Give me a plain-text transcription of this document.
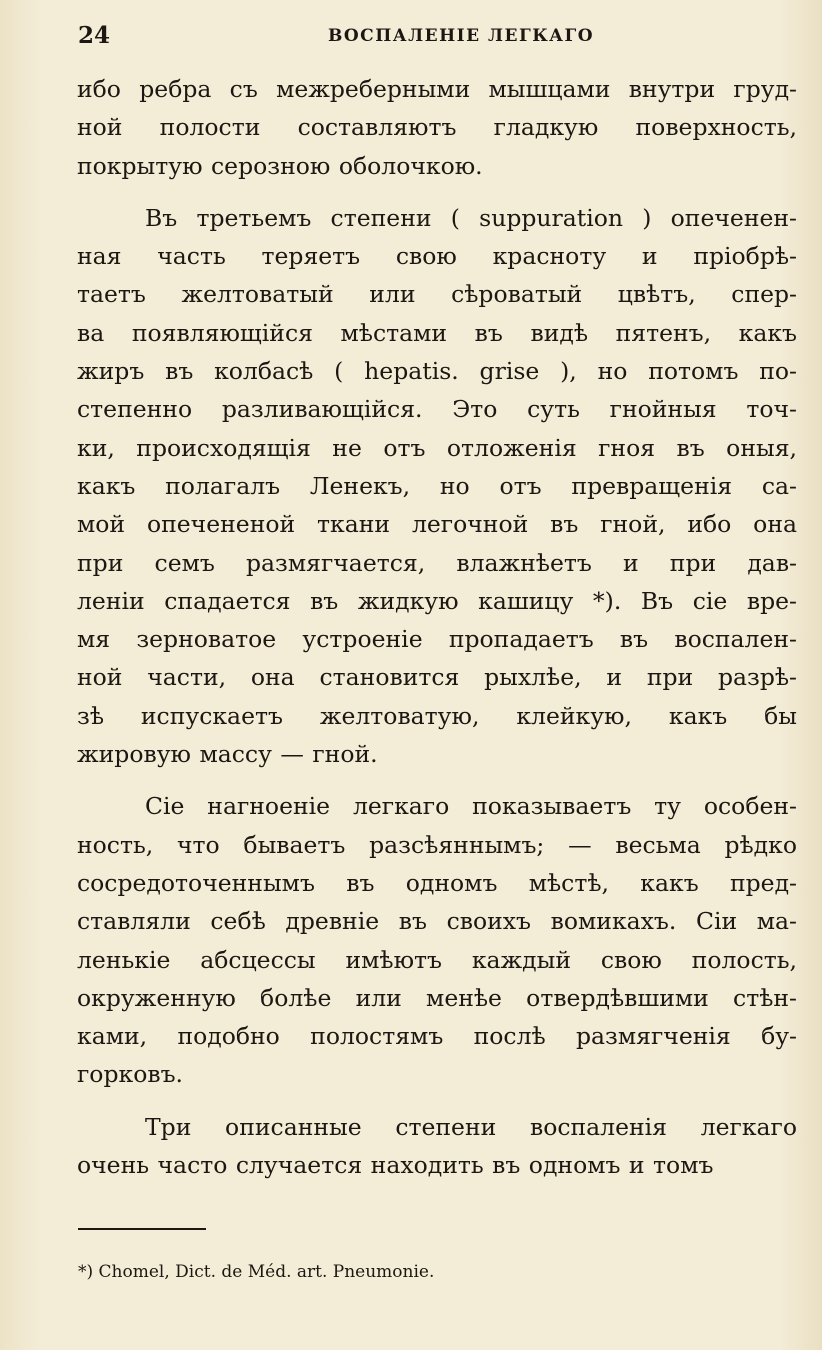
24	ВОСПАЛЕНІЕ ЛЕГКАГО
ибо ребра съ межреберными мышцами внутри груд-
ной полости составляютъ гладкую поверхность,
покрытую серозною оболочкою.
Въ третьемъ степени ( suppuration ) опеченен-
ная часть теряетъ свою красноту и пріобрѣ-
таетъ желтоватый или сѣроватый цвѣтъ, спер-
ва появляющійся мѣстами въ видѣ пятенъ, какъ
жиръ въ колбасѣ ( hepatis. grise ), но потомъ по-
степенно разливающійся. Это суть гнойныя точ-
ки, происходящія не отъ отложенія гноя въ оныя,
какъ полагалъ Ленекъ, но отъ превращенія са-
мой опечененой ткани легочной въ гной, ибо она
при семъ размягчается, влажнѣетъ и при дав-
леніи спадается въ жидкую кашицу *). Въ сіе вре-
мя зерноватое устроеніе пропадаетъ въ воспален-
ной части, она становится рыхлѣе, и при разрѣ-
зѣ испускаетъ желтоватую, клейкую, какъ бы
жировую массу — гной.
Сіе нагноеніе легкаго показываетъ ту особен-
ность, что бываетъ разсѣяннымъ; — весьма рѣдко
сосредоточеннымъ въ одномъ мѣстѣ, какъ пред-
ставляли себѣ древніе въ своихъ вомикахъ. Сіи ма-
ленькіе абсцессы имѣютъ каждый свою полость,
окруженную болѣе или менѣе отвердѣвшими стѣн-
ками, подобно полостямъ послѣ размягченія бу-
горковъ.
Три описанные степени воспаленія легкаго
очень часто случается находить въ одномъ и томъ
*) Chomel, Dict. de Méd. art. Pneumonie.
